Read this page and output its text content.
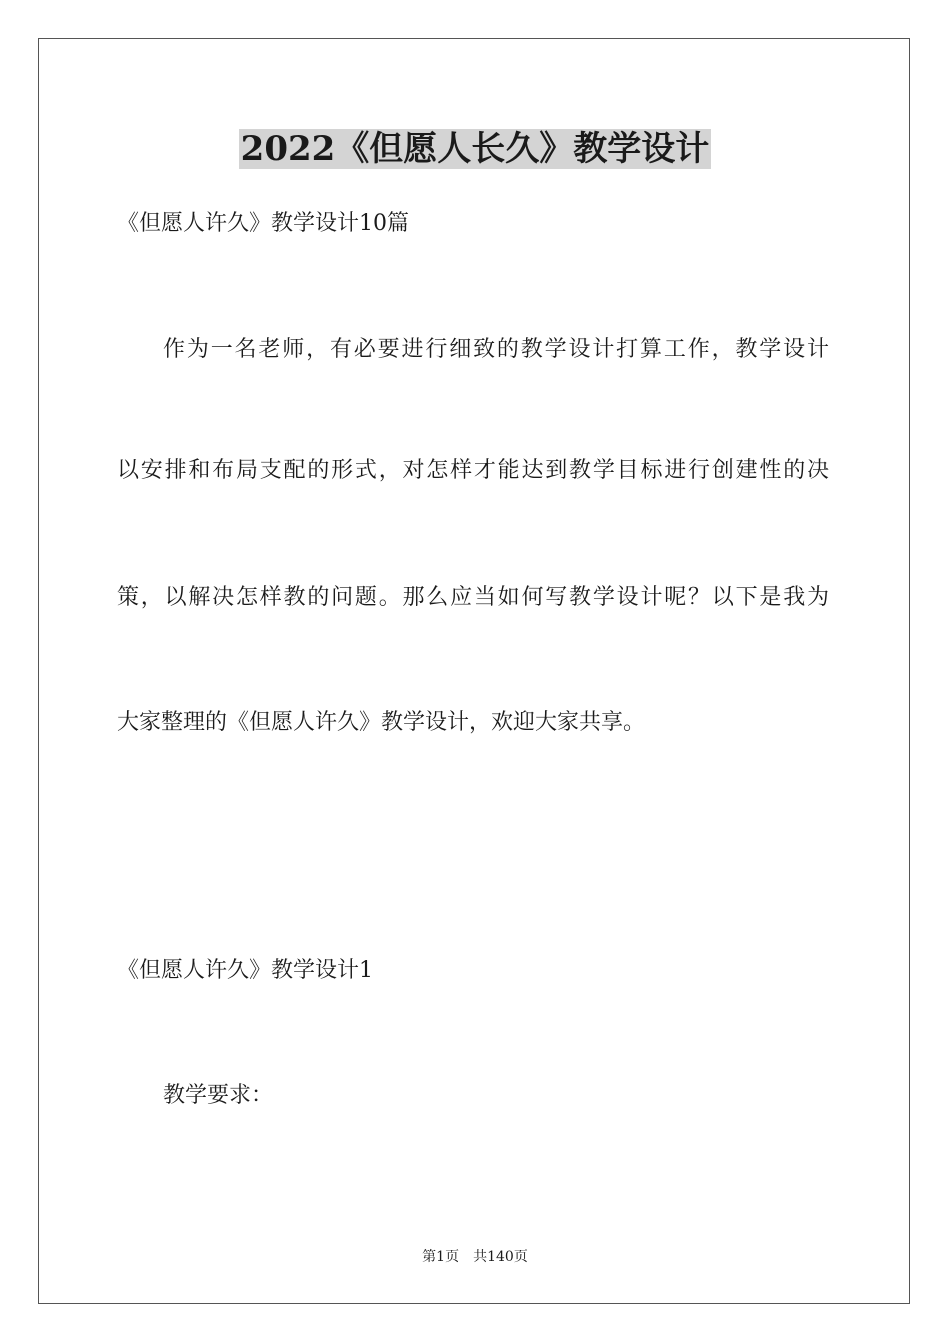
2022《但愿人长久》教学设计

《但愿人许久》教学设计10篇

作为一名老师，有必要进行细致的教学设计打算工作，教学设计

以安排和布局支配的形式，对怎样才能达到教学目标进行创建性的决

策，以解决怎样教的问题。那么应当如何写教学设计呢？以下是我为

大家整理的《但愿人许久》教学设计，欢迎大家共享。

《但愿人许久》教学设计1

教学要求：

第1页 共140页
